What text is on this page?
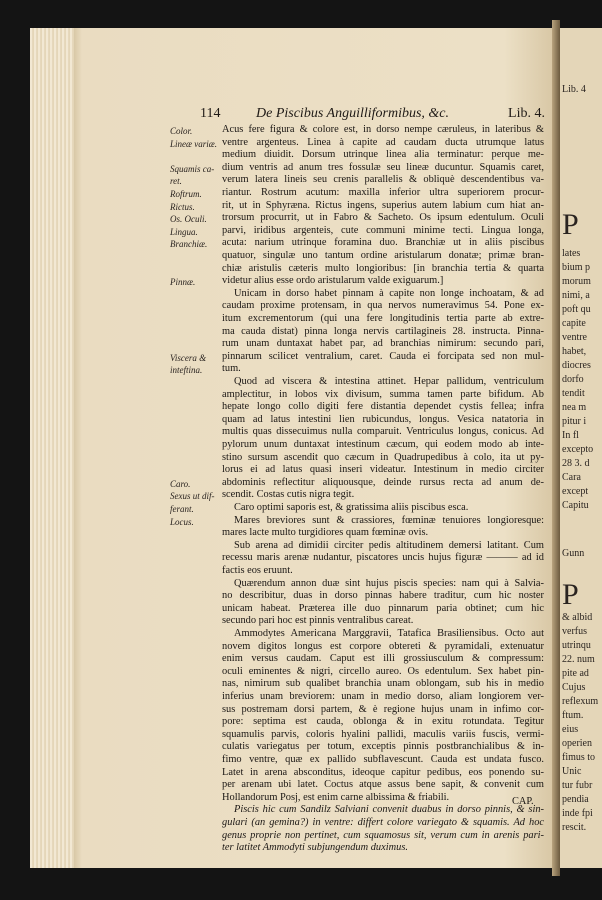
Lib. 4
P
lates
bium p
morum
nimi, a
poft qu
capite
ventre
habet,
diocres
dorfo
tendit
nea m
pitur i
In fl
excepto
28 3. d
Cara
except
Capitu
Gunn
P
& albid
verfus
utrinqu
22. num
pite ad
Cujus
reflexum
ftum.
eius
operien
fimus to
Unic
tur fubr
pendia
inde fpi
rescit.
114	De Piscibus Anguilliformibus, &c.	Lib. 4.
Color.
Lineæ variæ.
Squamis ca-
ret.
Roftrum.
Rictus.
Os. Oculi.
Lingua.
Branchiæ.
Pinnæ.
Viscera &
inteftina.
Caro.
Sexus ut dif-
ferant.
Locus.
Acus fere figura & colore est, in dorso nempe cæruleus, in lateribus &
ventre argenteus. Linea à capite ad caudam ducta utrumque latus
medium diuidit. Dorsum utrinque linea alia terminatur: perque me-
dium ventris ad anum tres fossulæ seu lineæ ducuntur. Squamis caret,
verum latera lineis seu crenis parallelis & obliquè descendentibus va-
riantur. Rostrum acutum: maxilla inferior ultra superiorem procur-
rit, ut in Sphyræna. Rictus ingens, superius autem labium cum hiat an-
trorsum procurrit, ut in Fabro & Sacheto. Os ipsum edentulum. Oculi
parvi, iridibus argenteis, cute communi minime tecti. Lingua longa,
acuta: narium utrinque foramina duo. Branchiæ ut in aliis piscibus
quatuor, singulæ uno tantum ordine aristularum donatæ; primæ bran-
chiæ aristulis cæteris multo longioribus: [in branchia tertia & quarta
videtur alius esse ordo aristularum valde exiguarum.]
Unicam in dorso habet pinnam à capite non longe inchoatam, & ad
caudam proxime protensam, in qua nervos numeravimus 54. Pone ex-
itum excrementorum (qui una fere longitudinis tertia parte ab extre-
ma cauda distat) pinna longa nervis cartilagineis 28. instructa. Pinna-
rum unam duntaxat habet par, ad branchias nimirum: secundo pari,
pinnarum scilicet ventralium, caret. Cauda ei forcipata sed non mul-
tum.
Quod ad viscera & intestina attinet. Hepar pallidum, ventriculum
amplectitur, in lobos vix divisum, summa tamen parte bifidum. Ab
hepate longo collo digiti fere distantia dependet cystis fellea; infra
quam ad latus intestini lien rubicundus, longus. Vesica natatoria in
multis quas dissecuimus nulla comparuit. Ventriculus longus, conicus. Ad
pylorum unum duntaxat intestinum cæcum, qui eodem modo ab inte-
stino sursum ascendit quo cæcum in Quadrupedibus à colo, ita ut py-
lorus ei ad latus quasi inseri videatur. Intestinum in medio circiter
abdominis reflectitur aliquousque, deinde rursus recta ad anum de-
scendit. Costas cutis nigra tegit.
Caro optimi saporis est, & gratissima aliis piscibus esca.
Mares breviores sunt & crassiores, fœminæ tenuiores longioresque:
mares lacte multo turgidiores quam fœminæ ovis.
Sub arena ad dimidii circiter pedis altitudinem demersi latitant. Cum
recessu maris arenæ nudantur, piscatores uncis hujus figuræ ——— ad id
factis eos eruunt.
Quærendum annon duæ sint hujus piscis species: nam qui à Salvia-
no describitur, duas in dorso pinnas habere traditur, cum hic noster
unicam habeat. Præterea ille duo pinnarum paria obtinet; cum hic
secundo pari hoc est pinnis ventralibus careat.
Ammodytes Americana Marggravii, Tatafica Brasiliensibus. Octo aut
novem digitos longus est corpore obtereti & pyramidali, extenuatur
enim versus caudam. Caput est illi grossiusculum & compressum:
oculi eminentes & nigri, circello aureo. Os edentulum. Sex habet pin-
nas, nimirum sub qualibet branchia unam oblongam, sub his in medio
inferius unam breviorem: unam in medio dorso, aliam longiorem ver-
sus postremam dorsi partem, & è regione hujus unam in infimo cor-
pore: septima est cauda, oblonga & in exitu rotundata. Tegitur
squamulis parvis, coloris hyalini pallidi, maculis variis fuscis, vermi-
culatis variegatus per totum, exceptis pinnis postbranchialibus & in-
fimo ventre, quæ ex pallido subflavescunt. Cauda est undata fusco.
Latet in arena absconditus, ideoque capitur pedibus, eos ponendo su-
per arenam ubi latet. Coctus atque assus bene sapit, & convenit cum
Hollandorum Posj, est enim carne albissima & friabili.
Piscis hic cum Sandilz Salviani convenit duabus in dorso pinnis, & sin-
gulari (an gemina?) in ventre: differt colore variegato & squamis. Ad hoc
genus proprie non pertinet, cum squamosus sit, verum cum in arenis pari-
ter latitet Ammodyti subjungendum duximus.
CAP.
